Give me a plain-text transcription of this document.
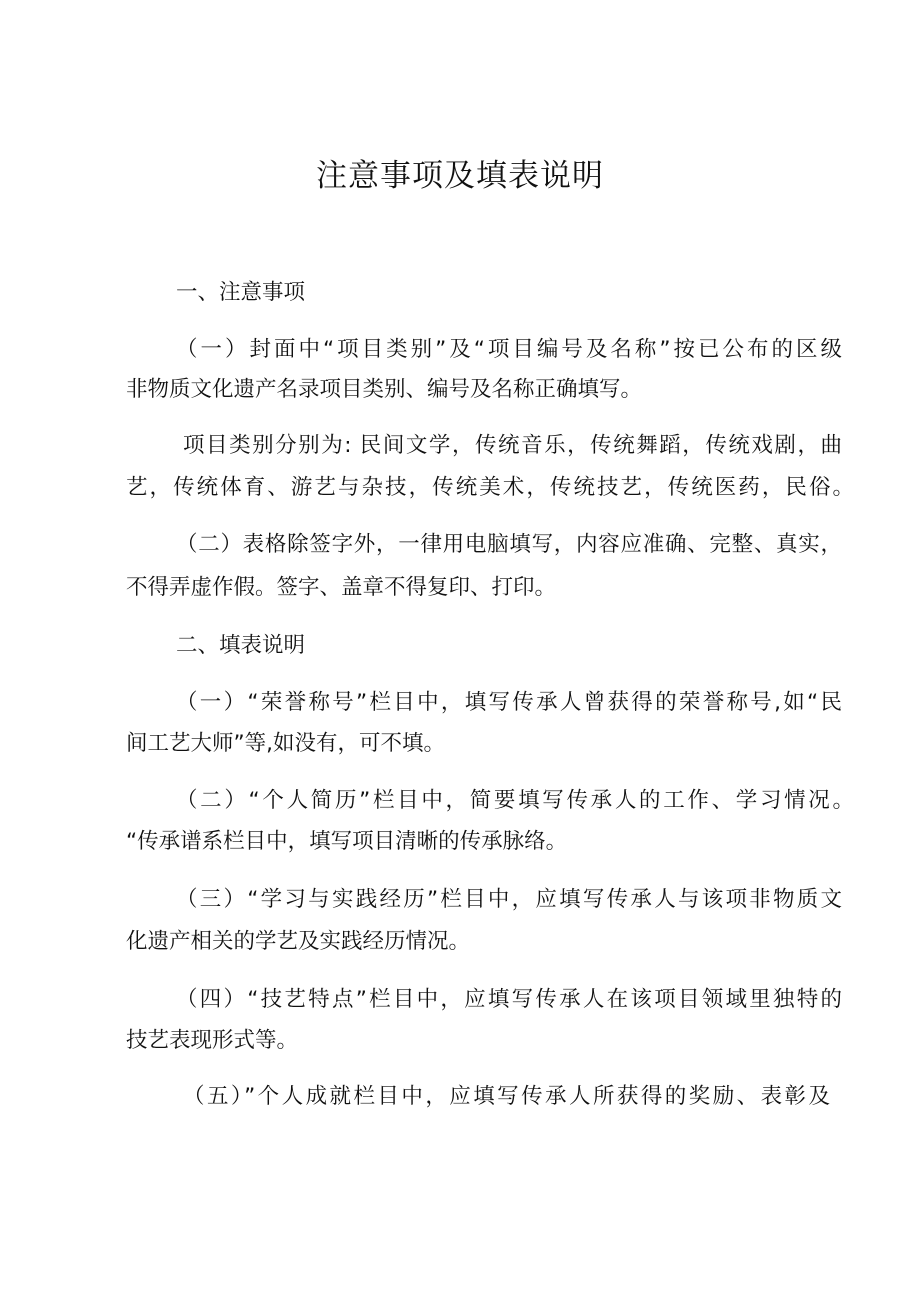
注意事项及填表说明
一、注意事项
（一）封面中“项目类别”及“项目编号及名称”按已公布的区级
非物质文化遗产名录项目类别、编号及名称正确填写。
项目类别分别为: 民间文学，传统音乐，传统舞蹈，传统戏剧，曲
艺，传统体育、游艺与杂技，传统美术，传统技艺，传统医药，民俗。
（二）表格除签字外，一律用电脑填写，内容应准确、完整、真实，
不得弄虚作假。签字、盖章不得复印、打印。
二、填表说明
（一）“荣誉称号”栏目中，填写传承人曾获得的荣誉称号,如“民
间工艺大师”等,如没有，可不填。
（二）“个人简历”栏目中，简要填写传承人的工作、学习情况。
“传承谱系栏目中，填写项目清晰的传承脉络。
（三）“学习与实践经历”栏目中，应填写传承人与该项非物质文
化遗产相关的学艺及实践经历情况。
（四）“技艺特点”栏目中，应填写传承人在该项目领域里独特的
技艺表现形式等。
（五）”个人成就栏目中，应填写传承人所获得的奖励、表彰及
